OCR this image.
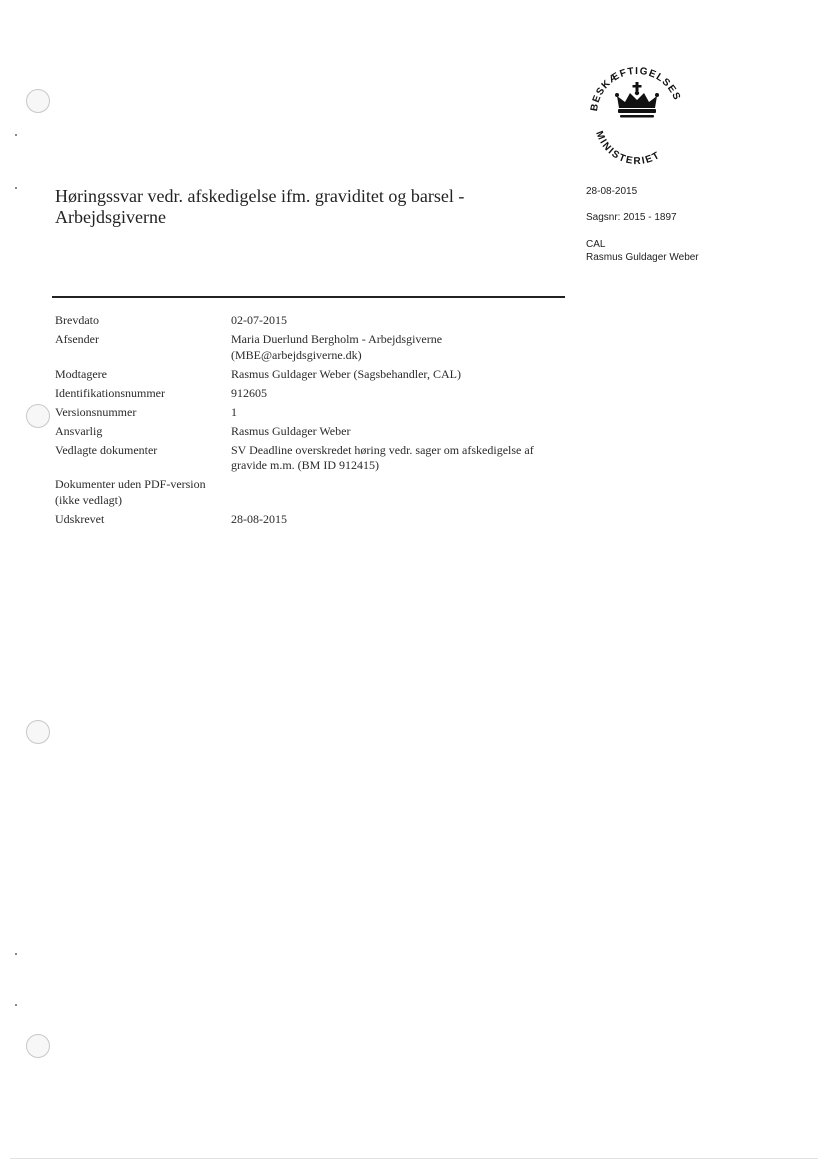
BESKÆFTIGELSES
MINISTERIET
Høringssvar vedr. afskedigelse ifm. graviditet og barsel - Arbejdsgiverne
28-08-2015
Sagsnr: 2015 - 1897
CAL
Rasmus Guldager Weber
Brevdato	02-07-2015
Afsender	Maria Duerlund Bergholm - Arbejdsgiverne (MBE@arbejdsgiverne.dk)
Modtagere	Rasmus Guldager Weber (Sagsbehandler, CAL)
Identifikationsnummer	912605
Versionsnummer	1
Ansvarlig	Rasmus Guldager Weber
Vedlagte dokumenter	SV Deadline overskredet høring vedr. sager om afskedigelse af gravide m.m. (BM ID 912415)
Dokumenter uden PDF-version (ikke vedlagt)
Udskrevet	28-08-2015
